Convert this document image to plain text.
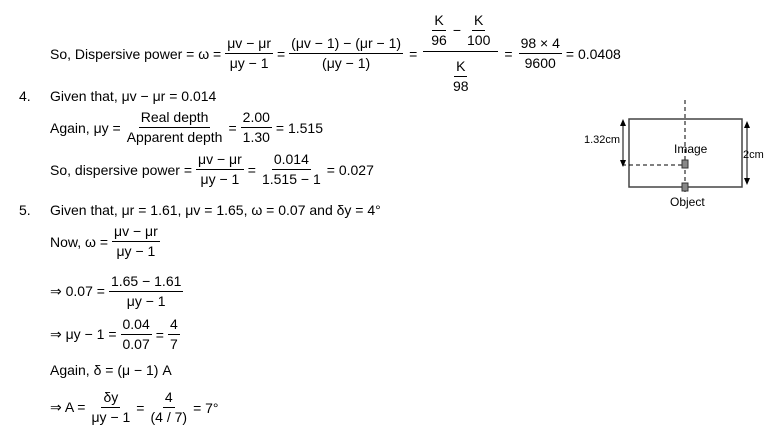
So, Dispersive power = $\omega = \frac{\mu v - \mu r}{\mu y - 1} = \frac{(\mu v - 1) - (\mu r - 1)}{(\mu y - 1)} = \frac{\frac{K}{96} - \frac{K}{100}}{\frac{K}{98}} = \frac{98 \times 4}{9600} = 0.0408$
4. Given that, μv − μr = 0.014
Again, μy =
Real depth
Apparent depth
= $\frac{2.00}{1.30} = 1.515$
So, dispersive power = $\frac{\mu v - \mu r}{\mu y - 1} = \frac{0.014}{1.515 - 1} = 0.027$
1.32cm
2cm
Image
Object
5. Given that, μr = 1.61, μv = 1.65, ω = 0.07 and δy = 4°
Now, $\omega = \frac{\mu v - \mu r}{\mu y - 1}$
⇒ $0.07 = \frac{1.65 - 1.61}{\mu y - 1}$
⇒ $\mu y - 1 = \frac{0.04}{0.07} = \frac{4}{7}$
Again, δ = (μ − 1) A
⇒ $A = \frac{\delta y}{\mu y - 1} = \frac{4}{(4 / 7)} = 7^\circ$
